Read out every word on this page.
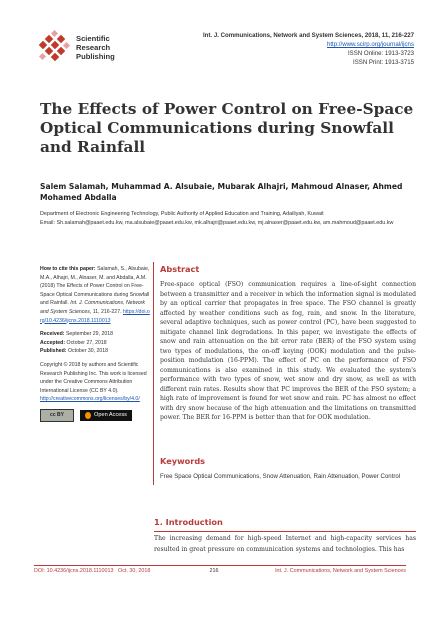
Scientific
Research
Publishing
Int. J. Communications, Network and System Sciences, 2018, 11, 216-227
http://www.scirp.org/journal/ijcns
ISSN Online: 1913-3723
ISSN Print: 1913-3715
The Effects of Power Control on Free-Space Optical Communications during Snowfall and Rainfall
Salem Salamah, Muhammad A. Alsubaie, Mubarak Alhajri, Mahmoud Alnaser, Ahmed Mohamed Abdalla
Department of Electronic Engineering Technology, Public Authority of Applied Education and Training, Adailiyah, Kuwait
Email: Sh.salamah@paaet.edu.kw, ma.alsubaie@paaet.edu.kw, mk.alhajri@paaet.edu.kw, mj.alnaser@paaet.edu.kw, am.mahmoud@paaet.edu.kw

How to cite this paper: Salamah, S., Alsubaie, M.A., Alhajri, M., Alnaser, M. and Abdalla, A.M. (2018) The Effects of Power Control on Free-Space Optical Communications during Snowfall and Rainfall. Int. J. Communications, Network and System Sciences, 11, 216-227. https://doi.org/10.4236/ijcns.2018.1110013

Received: September 29, 2018
Accepted: October 27, 2018
Published: October 30, 2018

Copyright © 2018 by authors and Scientific Research Publishing Inc. This work is licensed under the Creative Commons Attribution International License (CC BY 4.0).
http://creativecommons.org/licenses/by/4.0/

cc BY	Open Access
Abstract
Free-space optical (FSO) communication requires a line-of-sight connection between a transmitter and a receiver in which the information signal is modulated by an optical carrier that propagates in free space. The FSO channel is greatly affected by weather conditions such as fog, rain, and snow. In the literature, several adaptive techniques, such as power control (PC), have been suggested to mitigate channel link degradations. In this paper, we investigate the effects of snow and rain attenuation on the bit error rate (BER) of the FSO system using two types of modulations, the on-off keying (OOK) modulation and the pulse-position modulation (16-PPM). The effect of PC on the performance of FSO communications is also examined in this study. We evaluated the system's performance with two types of snow, wet snow and dry snow, as well as with different rain rates. Results show that PC improves the BER of the FSO system; a high rate of improvement is found for wet snow and rain. PC has almost no effect with dry snow because of the high attenuation and the limitations on transmitted power. The BER for 16-PPM is better than that for OOK modulation.
Keywords
Free Space Optical Communications, Snow Attenuation, Rain Attenuation, Power Control
1. Introduction
The increasing demand for high-speed Internet and high-capacity services has resulted in great pressure on communication systems and technologies. This has
DOI: 10.4236/ijcns.2018.1110013 Oct. 30, 2018	216	Int. J. Communications, Network and System Sciences
